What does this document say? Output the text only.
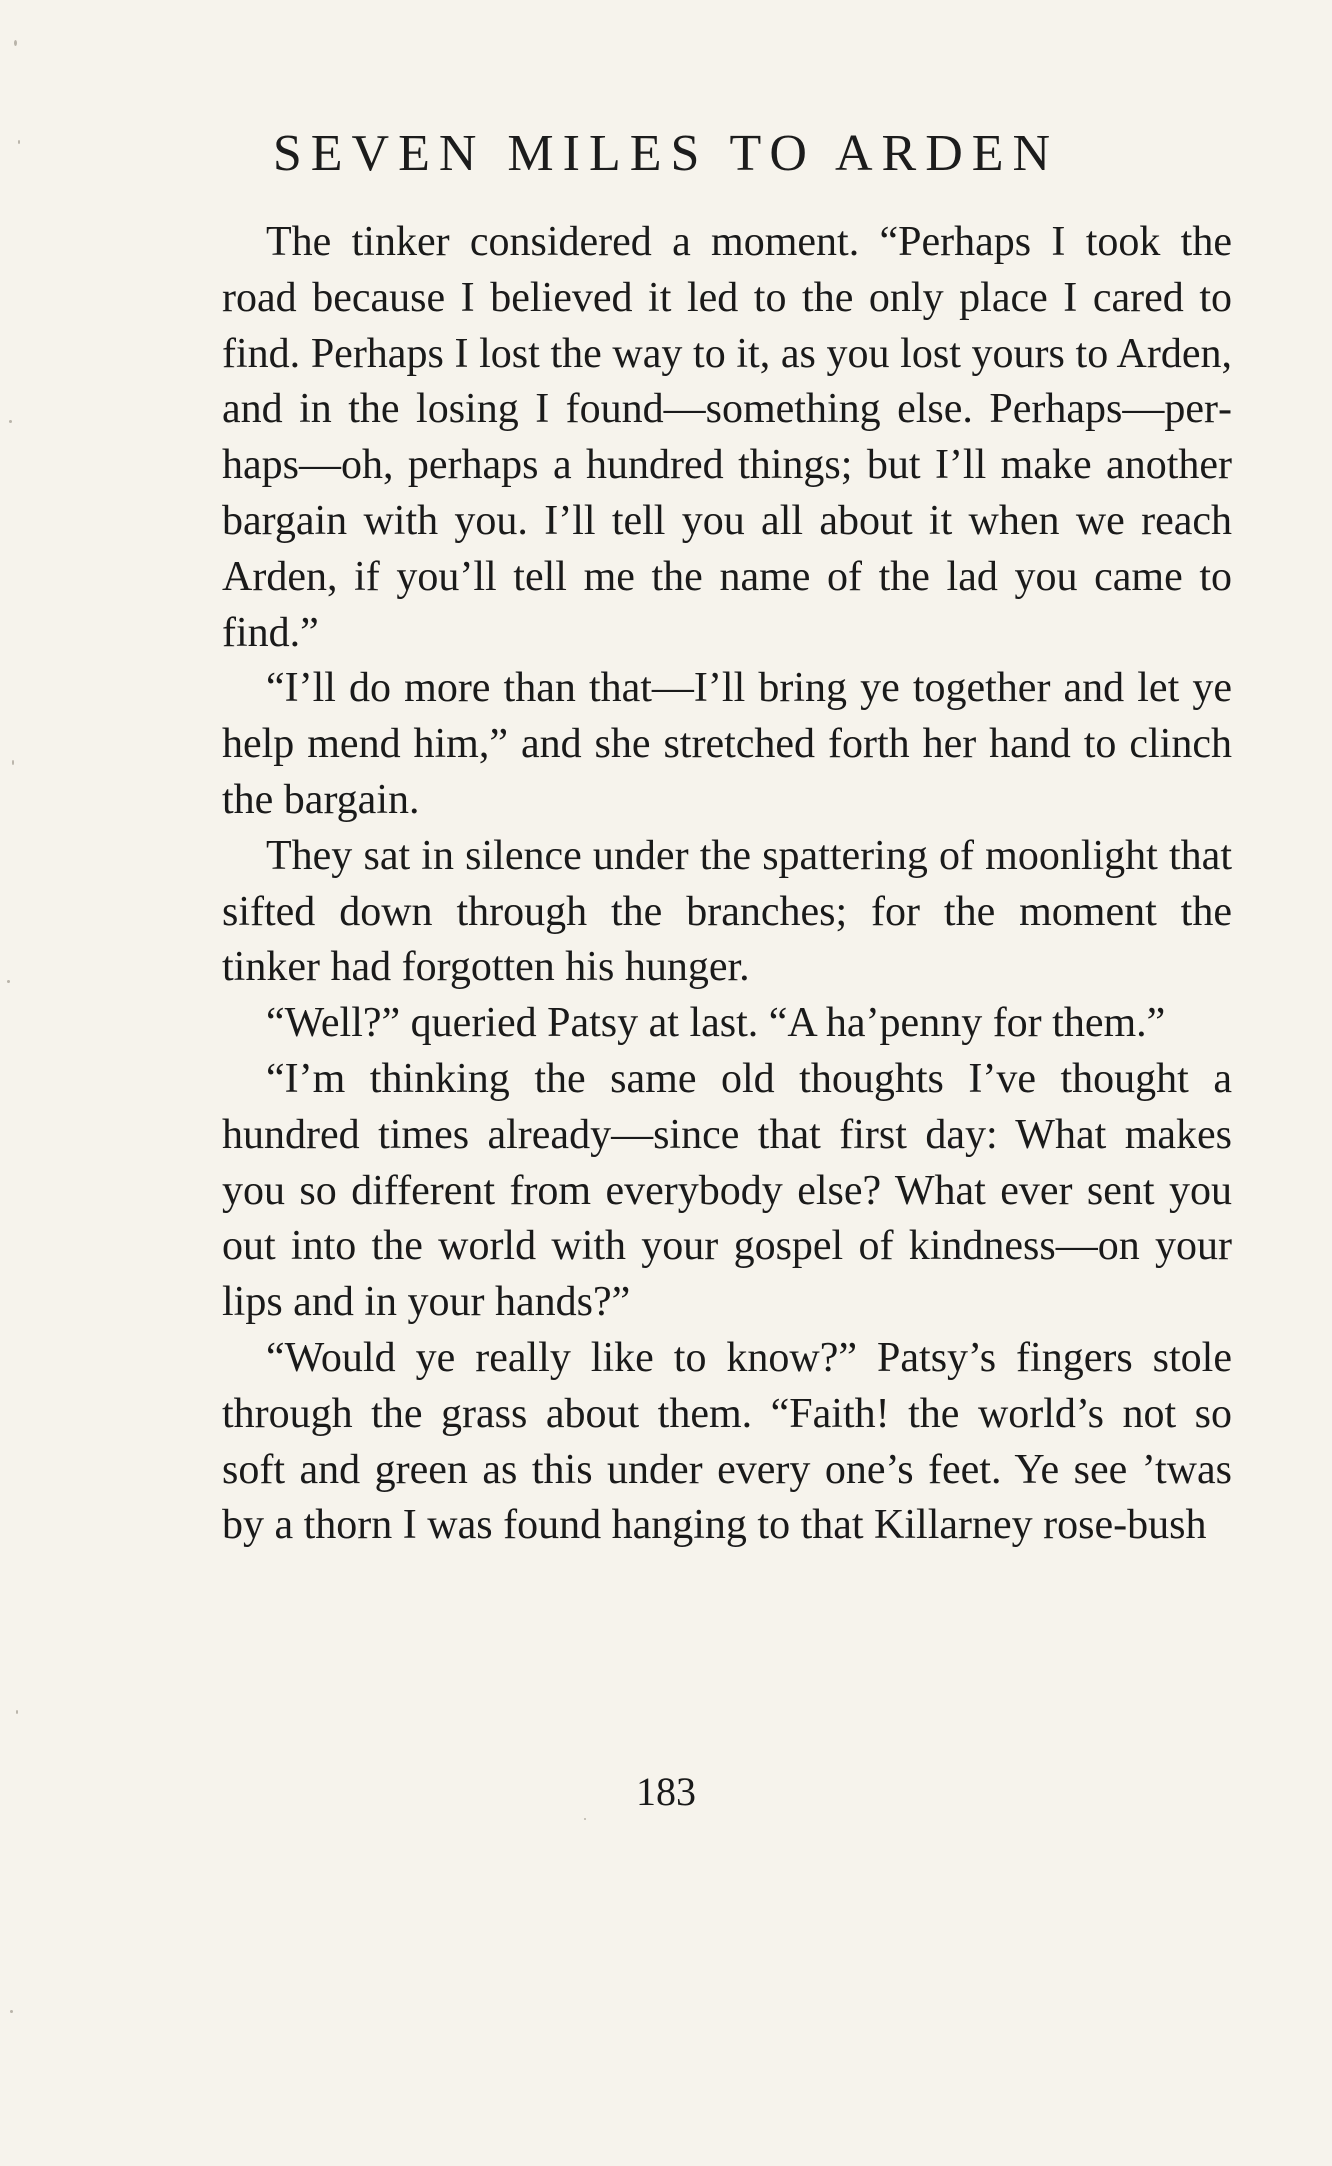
SEVEN MILES TO ARDEN

The tinker considered a moment. “Perhaps I took the road because I believed it led to the only place I cared to find. Perhaps I lost the way to it, as you lost yours to Arden, and in the losing I found—something else. Perhaps—perhaps—oh, perhaps a hundred things; but I’ll make another bargain with you. I’ll tell you all about it when we reach Arden, if you’ll tell me the name of the lad you came to find.”

“I’ll do more than that—I’ll bring ye together and let ye help mend him,” and she stretched forth her hand to clinch the bargain.

They sat in silence under the spattering of moonlight that sifted down through the branches; for the moment the tinker had forgotten his hunger.

“Well?” queried Patsy at last. “A ha’penny for them.”

“I’m thinking the same old thoughts I’ve thought a hundred times already—since that first day: What makes you so different from everybody else? What ever sent you out into the world with your gospel of kindness—on your lips and in your hands?”

“Would ye really like to know?” Patsy’s fingers stole through the grass about them. “Faith! the world’s not so soft and green as this under every one’s feet. Ye see ’twas by a thorn I was found hanging to that Killarney rose-bush

183
